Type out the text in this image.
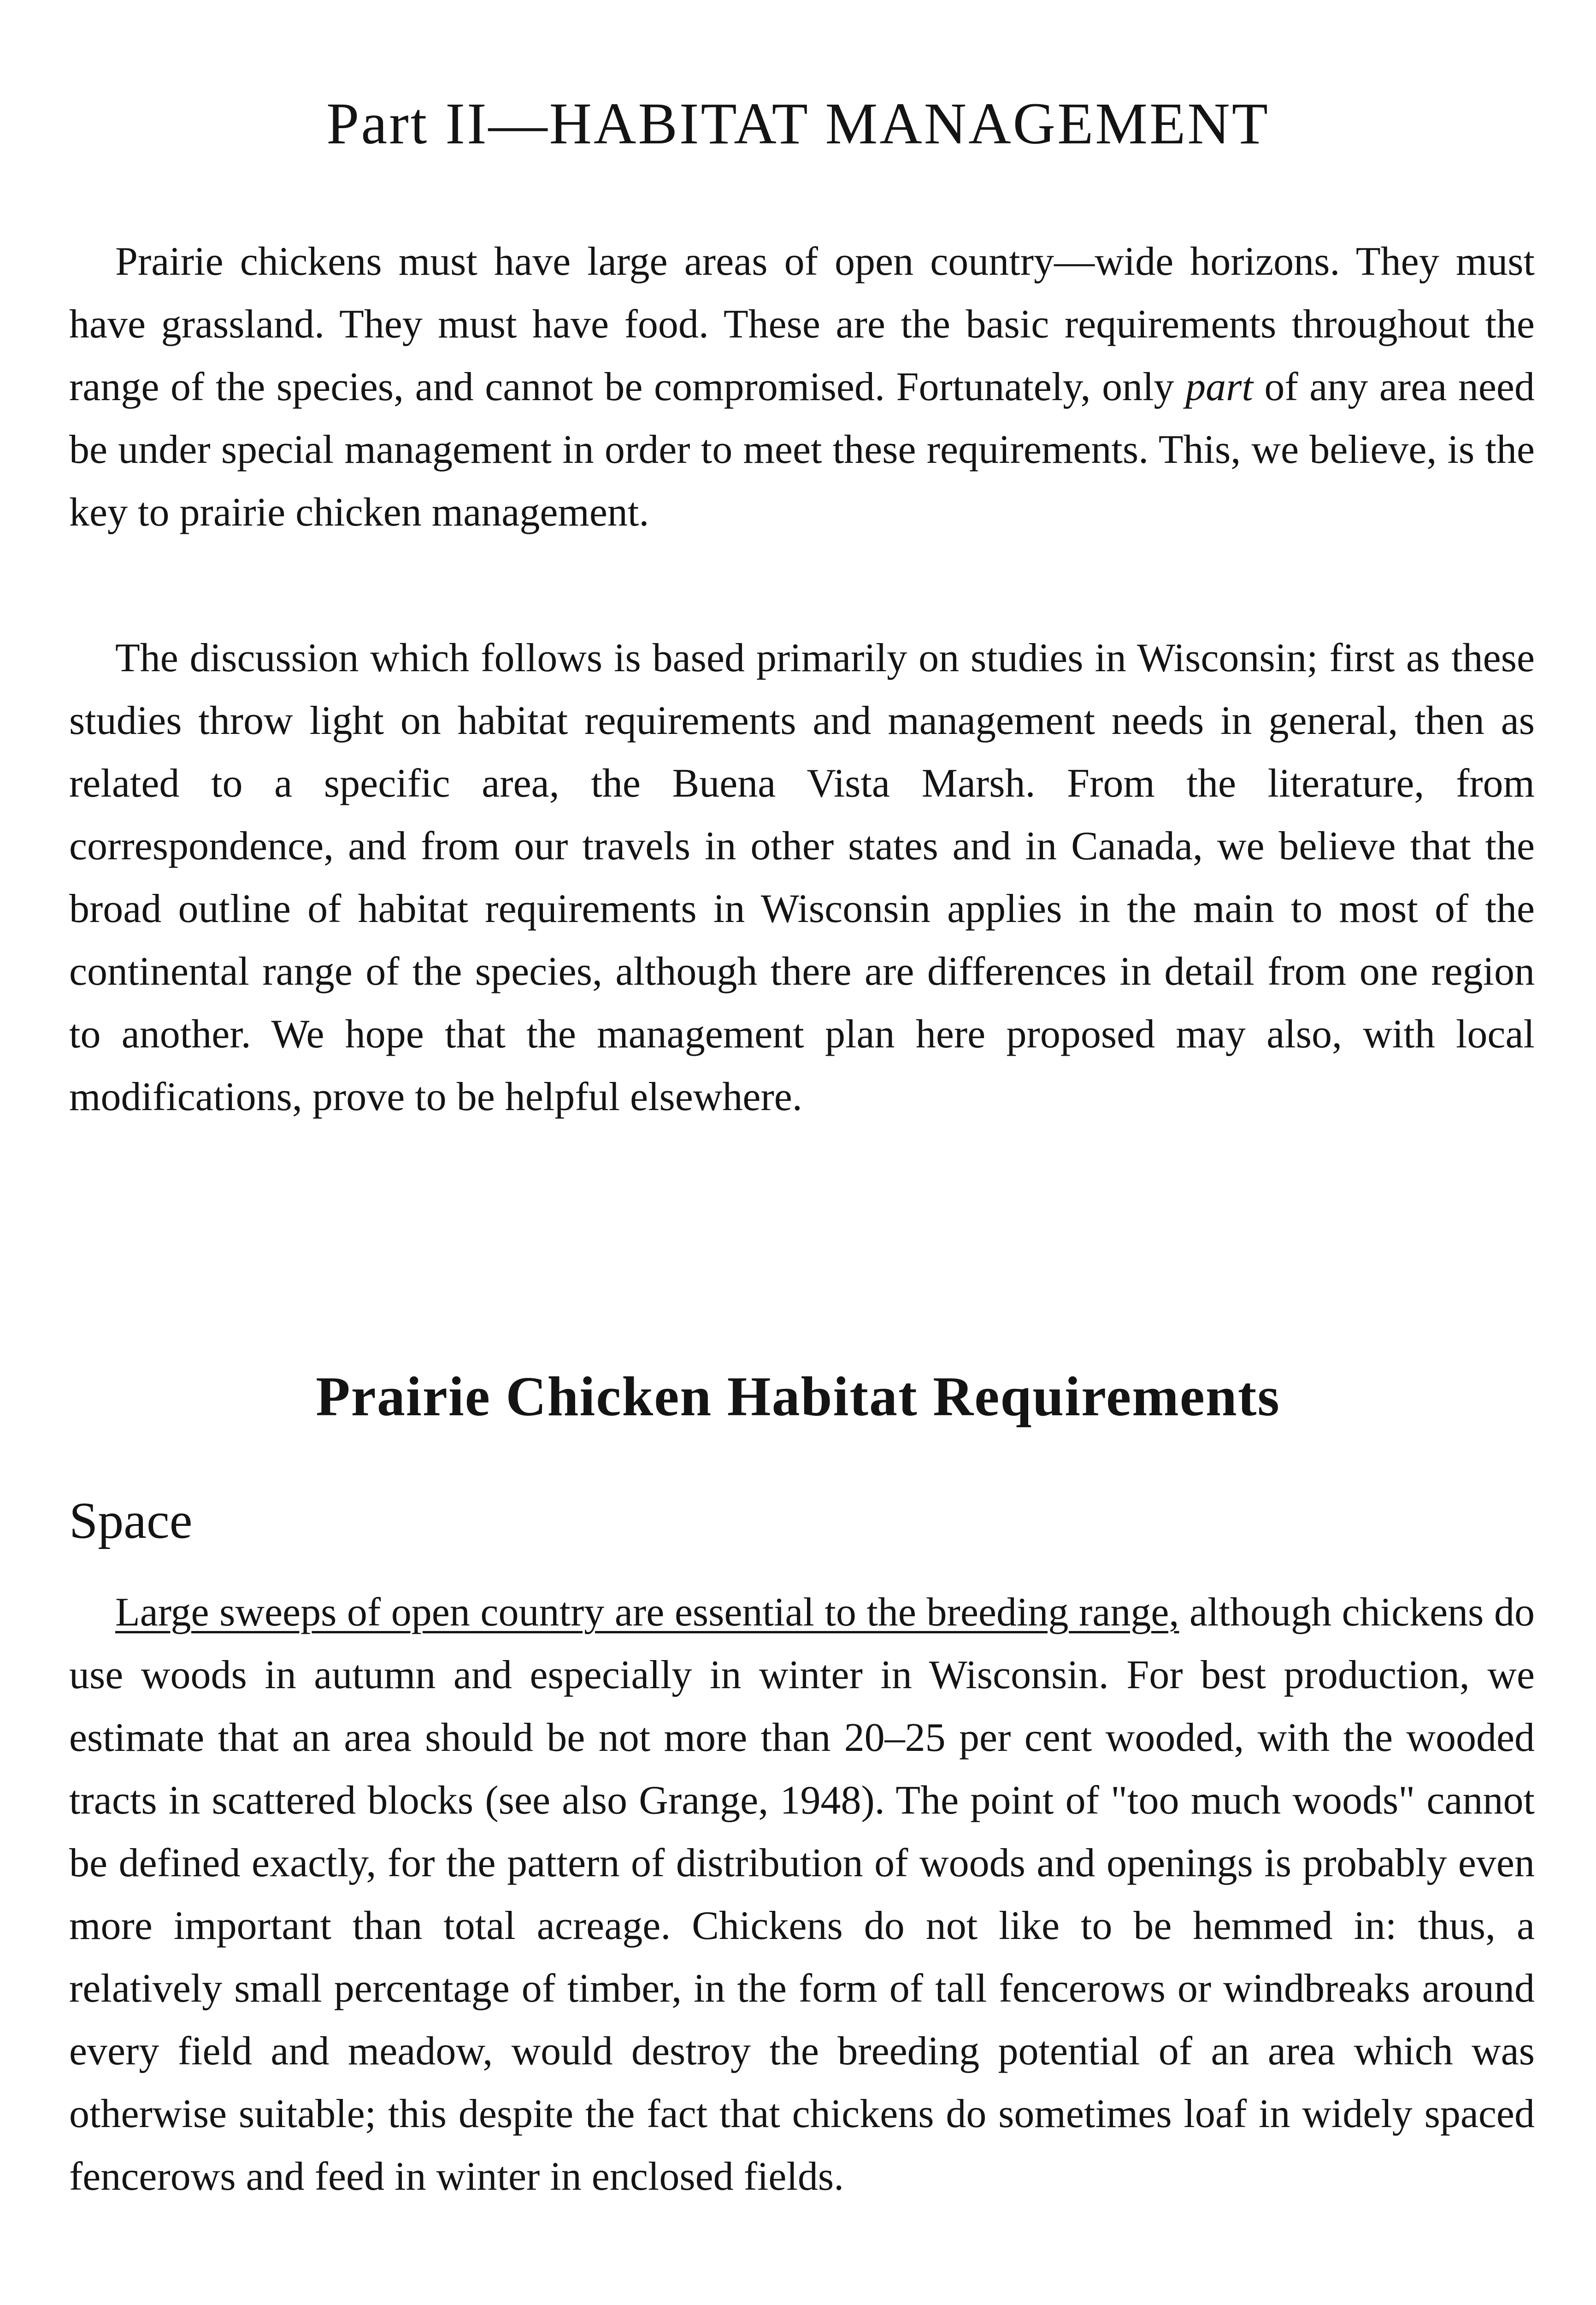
Part II—HABITAT MANAGEMENT

Prairie chickens must have large areas of open country—wide horizons. They must have grassland. They must have food. These are the basic requirements throughout the range of the species, and cannot be compromised. Fortunately, only part of any area need be under special management in order to meet these requirements. This, we believe, is the key to prairie chicken management.

The discussion which follows is based primarily on studies in Wisconsin; first as these studies throw light on habitat requirements and management needs in general, then as related to a specific area, the Buena Vista Marsh. From the literature, from correspondence, and from our travels in other states and in Canada, we believe that the broad outline of habitat requirements in Wisconsin applies in the main to most of the continental range of the species, although there are differences in detail from one region to another. We hope that the management plan here proposed may also, with local modifications, prove to be helpful elsewhere.

Prairie Chicken Habitat Requirements
Space

Large sweeps of open country are essential to the breeding range, although chickens do use woods in autumn and especially in winter in Wisconsin. For best production, we estimate that an area should be not more than 20–25 per cent wooded, with the wooded tracts in scattered blocks (see also Grange, 1948). The point of "too much woods" cannot be defined exactly, for the pattern of distribution of woods and openings is probably even more important than total acreage. Chickens do not like to be hemmed in: thus, a relatively small percentage of timber, in the form of tall fencerows or windbreaks around every field and meadow, would destroy the breeding potential of an area which was otherwise suitable; this despite the fact that chickens do sometimes loaf in widely spaced fencerows and feed in winter in enclosed fields.
